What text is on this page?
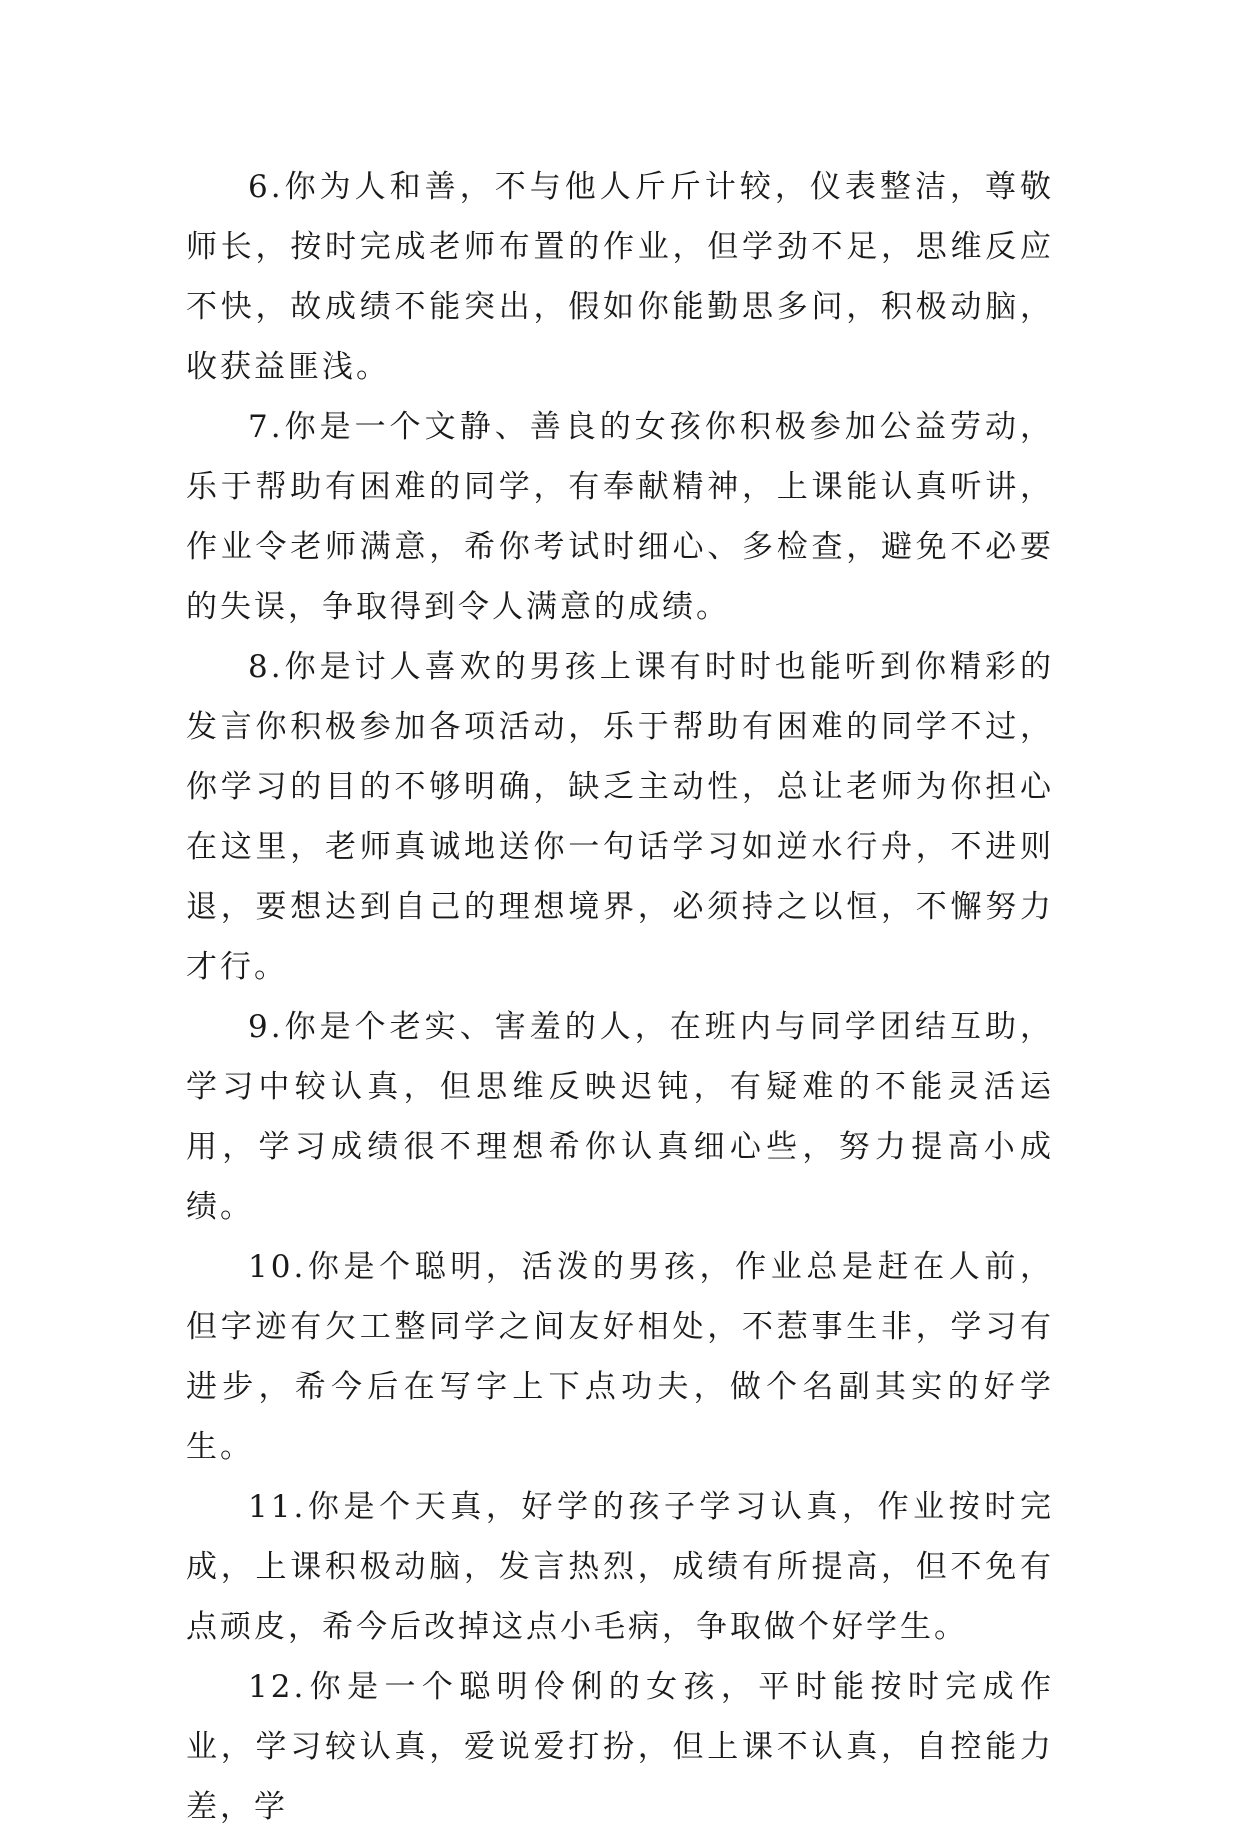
6.你为人和善，不与他人斤斤计较，仪表整洁，尊敬师长，按时完成老师布置的作业，但学劲不足，思维反应不快，故成绩不能突出，假如你能勤思多问，积极动脑，收获益匪浅。

7.你是一个文静、善良的女孩你积极参加公益劳动，乐于帮助有困难的同学，有奉献精神，上课能认真听讲，作业令老师满意，希你考试时细心、多检查，避免不必要的失误，争取得到令人满意的成绩。

8.你是讨人喜欢的男孩上课有时时也能听到你精彩的发言你积极参加各项活动，乐于帮助有困难的同学不过，你学习的目的不够明确，缺乏主动性，总让老师为你担心在这里，老师真诚地送你一句话学习如逆水行舟，不进则退，要想达到自己的理想境界，必须持之以恒，不懈努力才行。

9.你是个老实、害羞的人，在班内与同学团结互助，学习中较认真，但思维反映迟钝，有疑难的不能灵活运用，学习成绩很不理想希你认真细心些，努力提高小成绩。

10.你是个聪明，活泼的男孩，作业总是赶在人前，但字迹有欠工整同学之间友好相处，不惹事生非，学习有进步，希今后在写字上下点功夫，做个名副其实的好学生。

11.你是个天真，好学的孩子学习认真，作业按时完成，上课积极动脑，发言热烈，成绩有所提高，但不免有点顽皮，希今后改掉这点小毛病，争取做个好学生。

12.你是一个聪明伶俐的女孩，平时能按时完成作业，学习较认真，爱说爱打扮，但上课不认真，自控能力差，学
